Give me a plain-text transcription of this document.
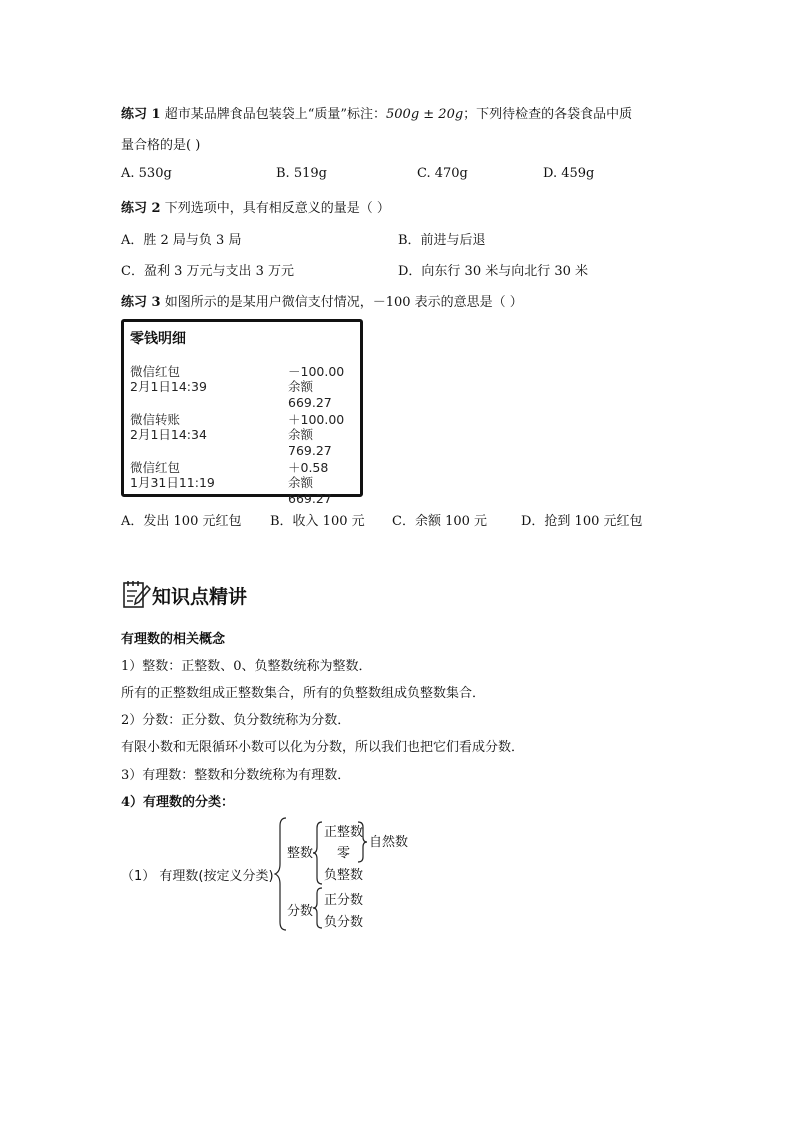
练习 1 超市某品牌食品包装袋上“质量”标注：500g ± 20g；下列待检查的各袋食品中质
量合格的是( )
A. 530g	B. 519g	C. 470g	D. 459g
练习 2 下列选项中，具有相反意义的量是（ ）
A．胜 2 局与负 3 局	B．前进与后退
C．盈利 3 万元与支出 3 万元	D．向东行 30 米与向北行 30 米
练习 3 如图所示的是某用户微信支付情况，－100 表示的意思是（ ）
零钱明细
微信红包
2月1日14:39
－100.00
余额669.27
微信转账
2月1日14:34
＋100.00
余额769.27
微信红包
1月31日11:19
＋0.58
余额669.27
A．发出 100 元红包 B．收入 100 元 C．余额 100 元	D．抢到 100 元红包
知识点精讲
有理数的相关概念
1）整数：正整数、0、负整数统称为整数．
所有的正整数组成正整数集合，所有的负整数组成负整数集合．
2）分数：正分数、负分数统称为分数．
有限小数和无限循环小数可以化为分数，所以我们也把它们看成分数．
3）有理数：整数和分数统称为有理数．
4）有理数的分类：
（1） 有理数(按定义分类)
整数
分数
正整数
零
负整数
自然数
正分数
负分数
